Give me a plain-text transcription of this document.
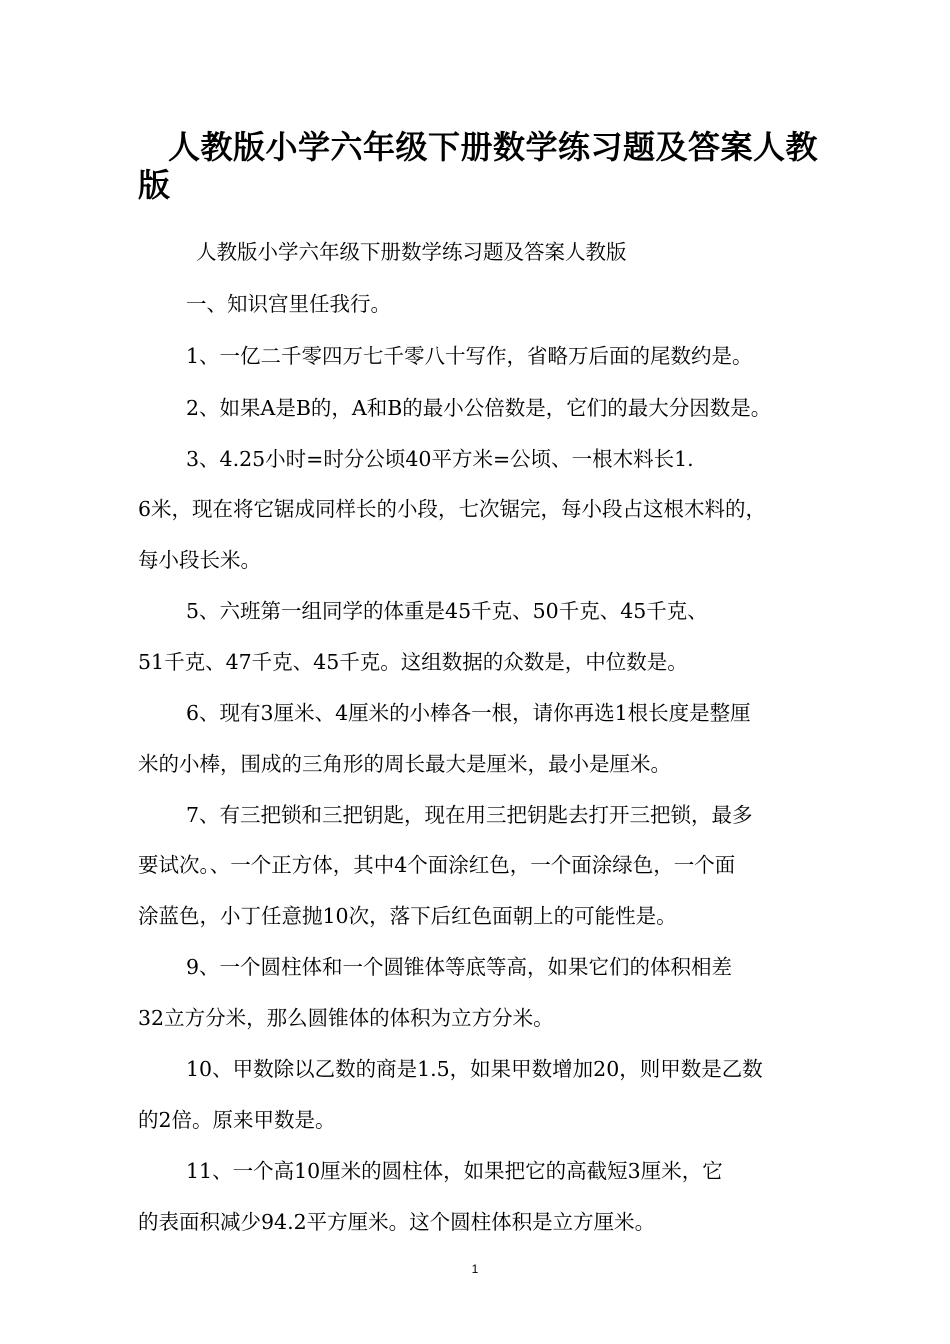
人教版小学六年级下册数学练习题及答案人教版
人教版小学六年级下册数学练习题及答案人教版
一、知识宫里任我行。
1、一亿二千零四万七千零八十写作，省略万后面的尾数约是。
2、如果A是B的，A和B的最小公倍数是，它们的最大分因数是。
3、4.25小时=时分公顷40平方米=公顷、一根木料长1.
6米，现在将它锯成同样长的小段，七次锯完，每小段占这根木料的，
每小段长米。
5、六班第一组同学的体重是45千克、50千克、45千克、
51千克、47千克、45千克。这组数据的众数是，中位数是。
6、现有3厘米、4厘米的小棒各一根，请你再选1根长度是整厘
米的小棒，围成的三角形的周长最大是厘米，最小是厘米。
7、有三把锁和三把钥匙，现在用三把钥匙去打开三把锁，最多
要试次。、一个正方体，其中4个面涂红色，一个面涂绿色，一个面
涂蓝色，小丁任意抛10次，落下后红色面朝上的可能性是。
9、一个圆柱体和一个圆锥体等底等高，如果它们的体积相差
32立方分米，那么圆锥体的体积为立方分米。
10、甲数除以乙数的商是1.5，如果甲数增加20，则甲数是乙数
的2倍。原来甲数是。
11、一个高10厘米的圆柱体，如果把它的高截短3厘米，它
的表面积减少94.2平方厘米。这个圆柱体积是立方厘米。
1
